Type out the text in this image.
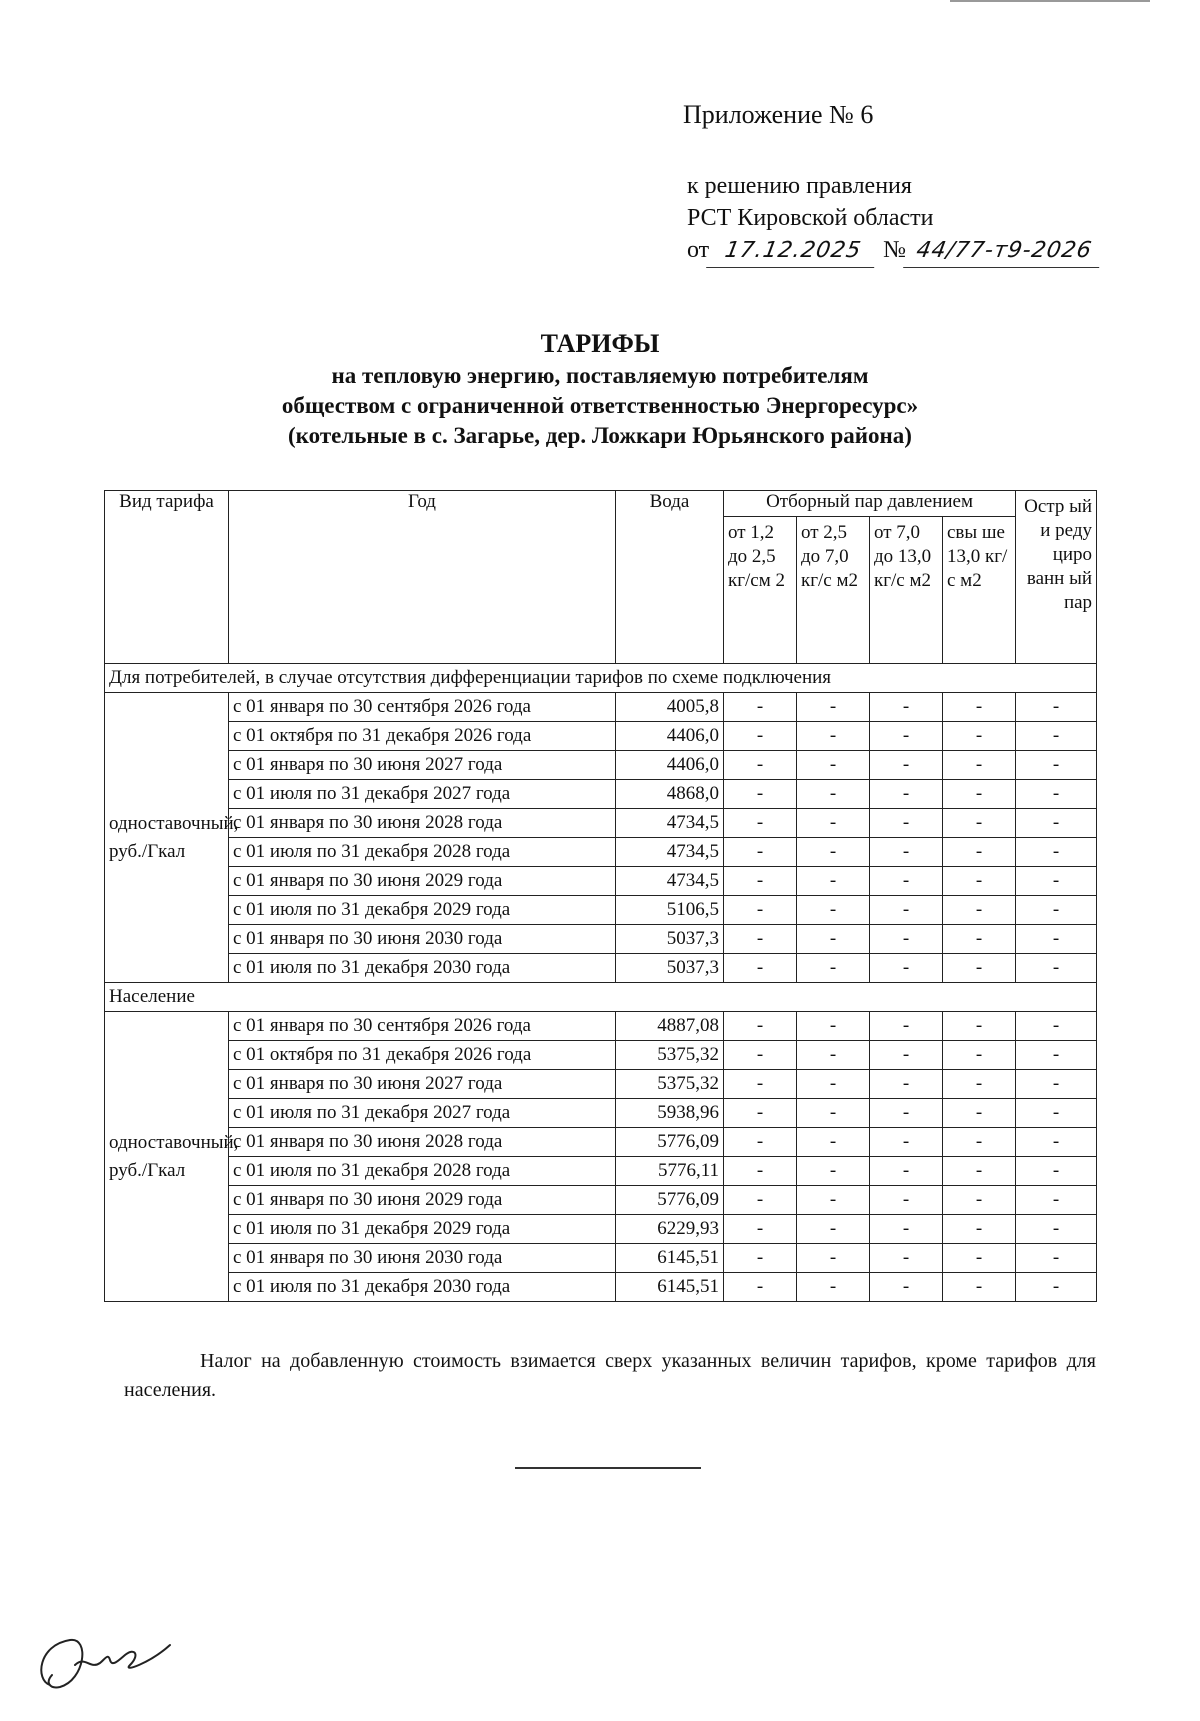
Приложение № 6
к решению правления
РСТ Кировской области
от 17.12.2025 № 44/77-т9-2026
ТАРИФЫ
на тепловую энергию, поставляемую потребителям
обществом с ограниченной ответственностью Энергоресурс»
(котельные в с. Загарье, дер. Ложкари Юрьянского района)
Вид тарифа	Год	Вода	Отборный пар давлением				Остр ый и реду циро ванн ый пар
			от 1,2 до 2,5 кг/см 2	от 2,5 до 7,0 кг/с м2	от 7,0 до 13,0 кг/с м2	свы ше 13,0 кг/с м2	
Для потребителей, в случае отсутствия дифференциации тарифов по схеме подключения							
одноставочный, руб./Гкал	с 01 января по 30 сентября 2026 года	4005,8	-	-	-	-	-
	с 01 октября по 31 декабря 2026 года	4406,0	-	-	-	-	-
	с 01 января по 30 июня 2027 года	4406,0	-	-	-	-	-
	с 01 июля по 31 декабря 2027 года	4868,0	-	-	-	-	-
	с 01 января по 30 июня 2028 года	4734,5	-	-	-	-	-
	с 01 июля по 31 декабря 2028 года	4734,5	-	-	-	-	-
	с 01 января по 30 июня 2029 года	4734,5	-	-	-	-	-
	с 01 июля по 31 декабря 2029 года	5106,5	-	-	-	-	-
	с 01 января по 30 июня 2030 года	5037,3	-	-	-	-	-
	с 01 июля по 31 декабря 2030 года	5037,3	-	-	-	-	-
Население							
одноставочный, руб./Гкал	с 01 января по 30 сентября 2026 года	4887,08	-	-	-	-	-
	с 01 октября по 31 декабря 2026 года	5375,32	-	-	-	-	-
	с 01 января по 30 июня 2027 года	5375,32	-	-	-	-	-
	с 01 июля по 31 декабря 2027 года	5938,96	-	-	-	-	-
	с 01 января по 30 июня 2028 года	5776,09	-	-	-	-	-
	с 01 июля по 31 декабря 2028 года	5776,11	-	-	-	-	-
	с 01 января по 30 июня 2029 года	5776,09	-	-	-	-	-
	с 01 июля по 31 декабря 2029 года	6229,93	-	-	-	-	-
	с 01 января по 30 июня 2030 года	6145,51	-	-	-	-	-
	с 01 июля по 31 декабря 2030 года	6145,51	-	-	-	-	-

Налог на добавленную стоимость взимается сверх указанных величин тарифов, кроме тарифов для населения.
